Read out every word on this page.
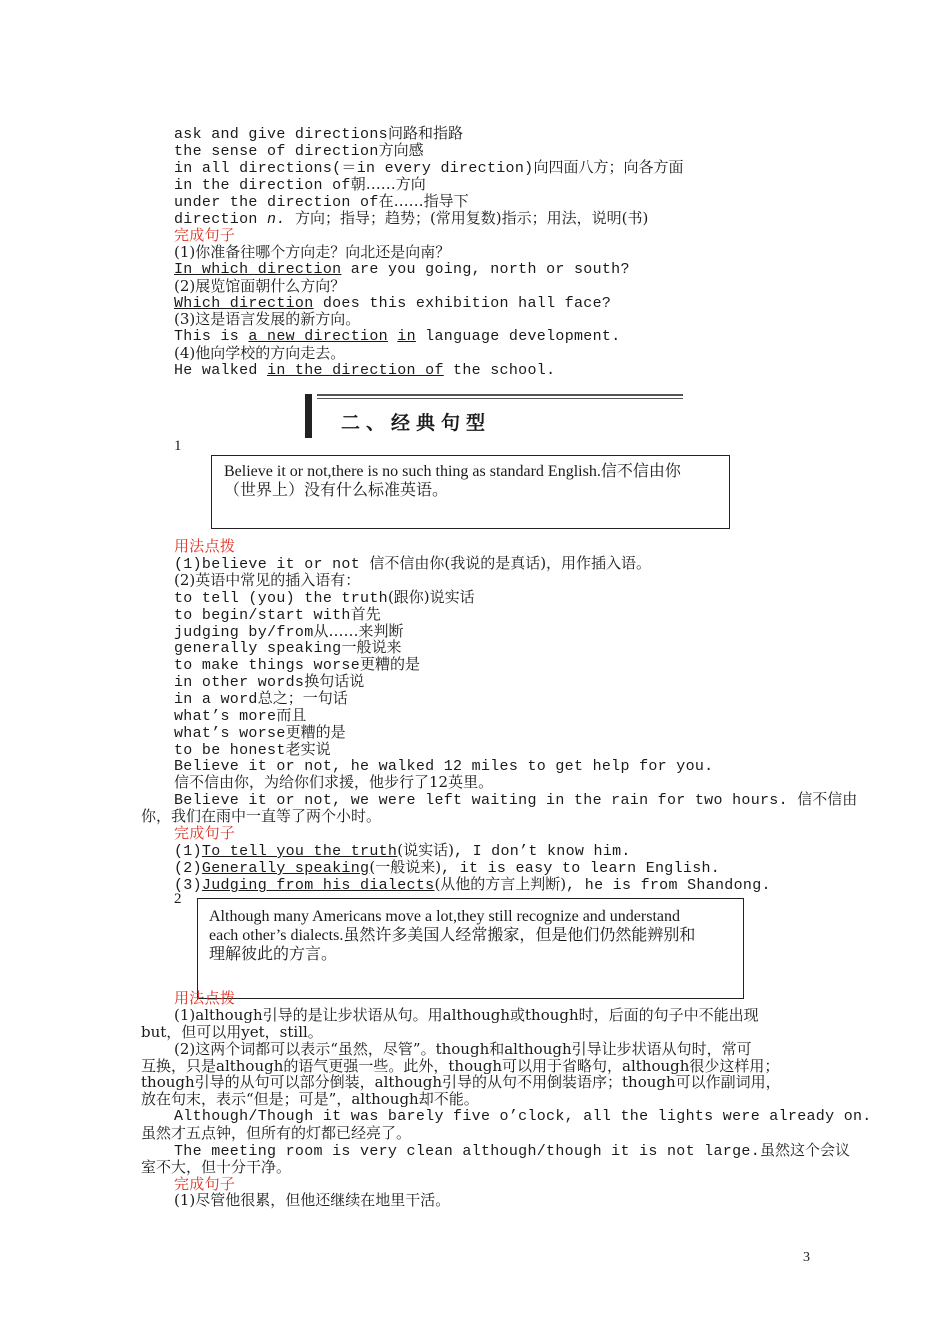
ask and give directions问路和指路
the sense of direction方向感
in all directions(＝in every direction)向四面八方；向各方面
in the direction of朝……方向
under the direction of在……指导下
direction n. 方向；指导；趋势；(常用复数)指示；用法，说明(书)
完成句子
(1)你准备往哪个方向走？向北还是向南？
In which direction are you going, north or south?
(2)展览馆面朝什么方向？
Which direction does this exhibition hall face?
(3)这是语言发展的新方向。
This is a new direction in language development.
(4)他向学校的方向走去。
He walked in the direction of the school.
二、经典句型
1
Believe it or not,there is no such thing as standard English.信不信由你
（世界上）没有什么标准英语。
用法点拨
(1)believe it or not 信不信由你(我说的是真话)，用作插入语。
(2)英语中常见的插入语有：
to tell (you) the truth(跟你)说实话
to begin/start with首先
judging by/from从……来判断
generally speaking一般说来
to make things worse更糟的是
in other words换句话说
in a word总之；一句话
what’s more而且
what’s worse更糟的是
to be honest老实说
Believe it or not, he walked 12 miles to get help for you.
信不信由你，为给你们求援，他步行了12英里。
Believe it or not, we were left waiting in the rain for two hours. 信不信由
你，我们在雨中一直等了两个小时。
完成句子
(1)To tell you the truth(说实话), I don’t know him.
(2)Generally speaking(一般说来), it is easy to learn English.
(3)Judging from his dialects(从他的方言上判断), he is from Shandong.
2
Although many Americans move a lot,they still recognize and understand
each other’s dialects.虽然许多美国人经常搬家，但是他们仍然能辨别和
理解彼此的方言。
用法点拨
(1)although引导的是让步状语从句。用although或though时，后面的句子中不能出现
but，但可以用yet，still。
(2)这两个词都可以表示“虽然，尽管”。though和although引导让步状语从句时，常可
互换，只是although的语气更强一些。此外，though可以用于省略句，although很少这样用；
though引导的从句可以部分倒装，although引导的从句不用倒装语序；though可以作副词用，
放在句末，表示“但是；可是”，although却不能。
Although/Though it was barely five o’clock, all the lights were already on.
虽然才五点钟，但所有的灯都已经亮了。
The meeting room is very clean although/though it is not large.虽然这个会议
室不大，但十分干净。
完成句子
(1)尽管他很累，但他还继续在地里干活。
3
